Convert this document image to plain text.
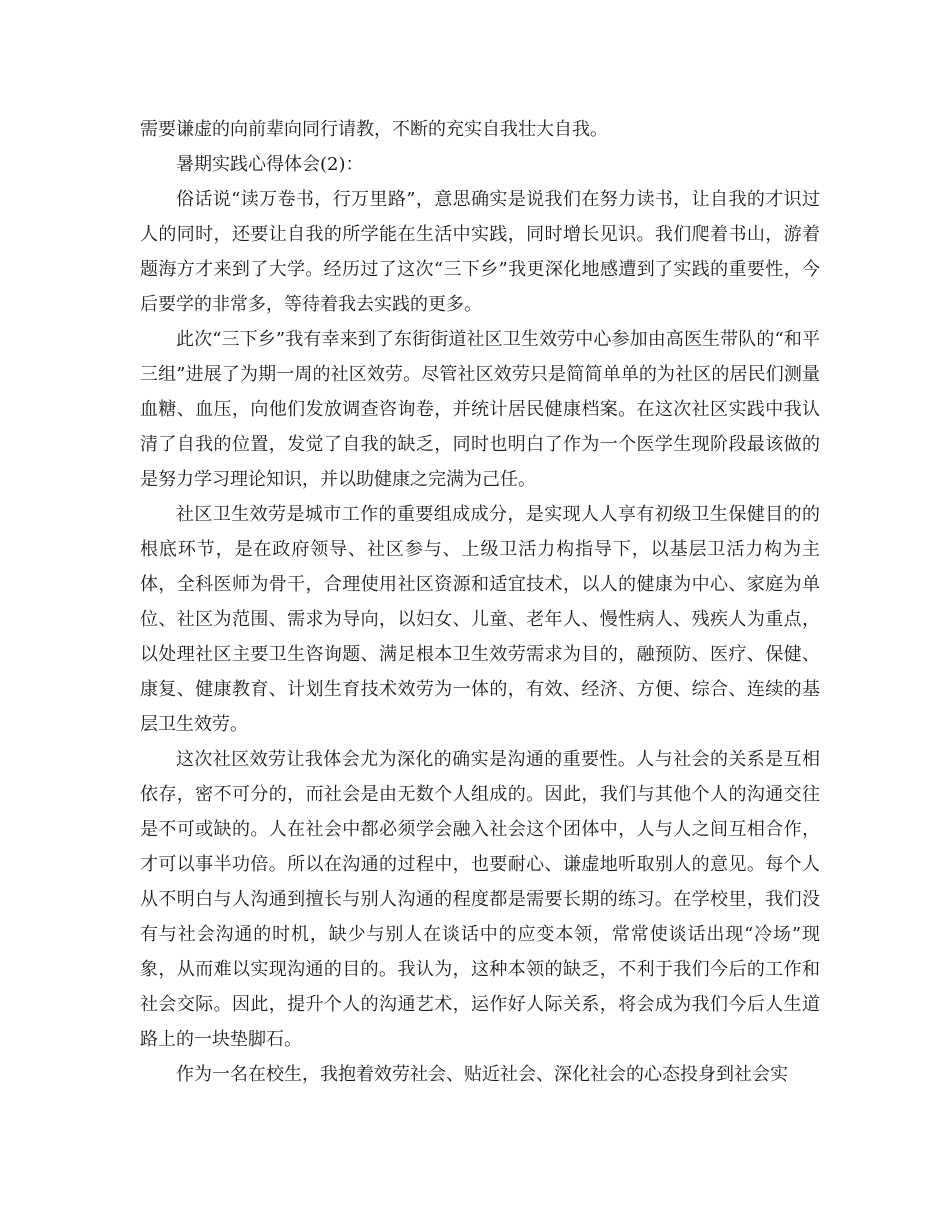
需要谦虚的向前辈向同行请教，不断的充实自我壮大自我。

暑期实践心得体会(2)：

俗话说“读万卷书，行万里路”，意思确实是说我们在努力读书，让自我的才识过人的同时，还要让自我的所学能在生活中实践，同时增长见识。我们爬着书山，游着题海方才来到了大学。经历过了这次“三下乡”我更深化地感遭到了实践的重要性，今后要学的非常多，等待着我去实践的更多。

此次“三下乡”我有幸来到了东街街道社区卫生效劳中心参加由高医生带队的“和平三组”进展了为期一周的社区效劳。尽管社区效劳只是简简单单的为社区的居民们测量血糖、血压，向他们发放调查咨询卷，并统计居民健康档案。在这次社区实践中我认清了自我的位置，发觉了自我的缺乏，同时也明白了作为一个医学生现阶段最该做的是努力学习理论知识，并以助健康之完满为己任。

社区卫生效劳是城市工作的重要组成成分，是实现人人享有初级卫生保健目的的根底环节，是在政府领导、社区参与、上级卫活力构指导下，以基层卫活力构为主体，全科医师为骨干，合理使用社区资源和适宜技术，以人的健康为中心、家庭为单位、社区为范围、需求为导向，以妇女、儿童、老年人、慢性病人、残疾人为重点，以处理社区主要卫生咨询题、满足根本卫生效劳需求为目的，融预防、医疗、保健、康复、健康教育、计划生育技术效劳为一体的，有效、经济、方便、综合、连续的基层卫生效劳。

这次社区效劳让我体会尤为深化的确实是沟通的重要性。人与社会的关系是互相依存，密不可分的，而社会是由无数个人组成的。因此，我们与其他个人的沟通交往是不可或缺的。人在社会中都必须学会融入社会这个团体中，人与人之间互相合作，才可以事半功倍。所以在沟通的过程中，也要耐心、谦虚地听取别人的意见。每个人从不明白与人沟通到擅长与别人沟通的程度都是需要长期的练习。在学校里，我们没有与社会沟通的时机，缺少与别人在谈话中的应变本领，常常使谈话出现“冷场”现象，从而难以实现沟通的目的。我认为，这种本领的缺乏，不利于我们今后的工作和社会交际。因此，提升个人的沟通艺术，运作好人际关系，将会成为我们今后人生道路上的一块垫脚石。

作为一名在校生，我抱着效劳社会、贴近社会、深化社会的心态投身到社会实
